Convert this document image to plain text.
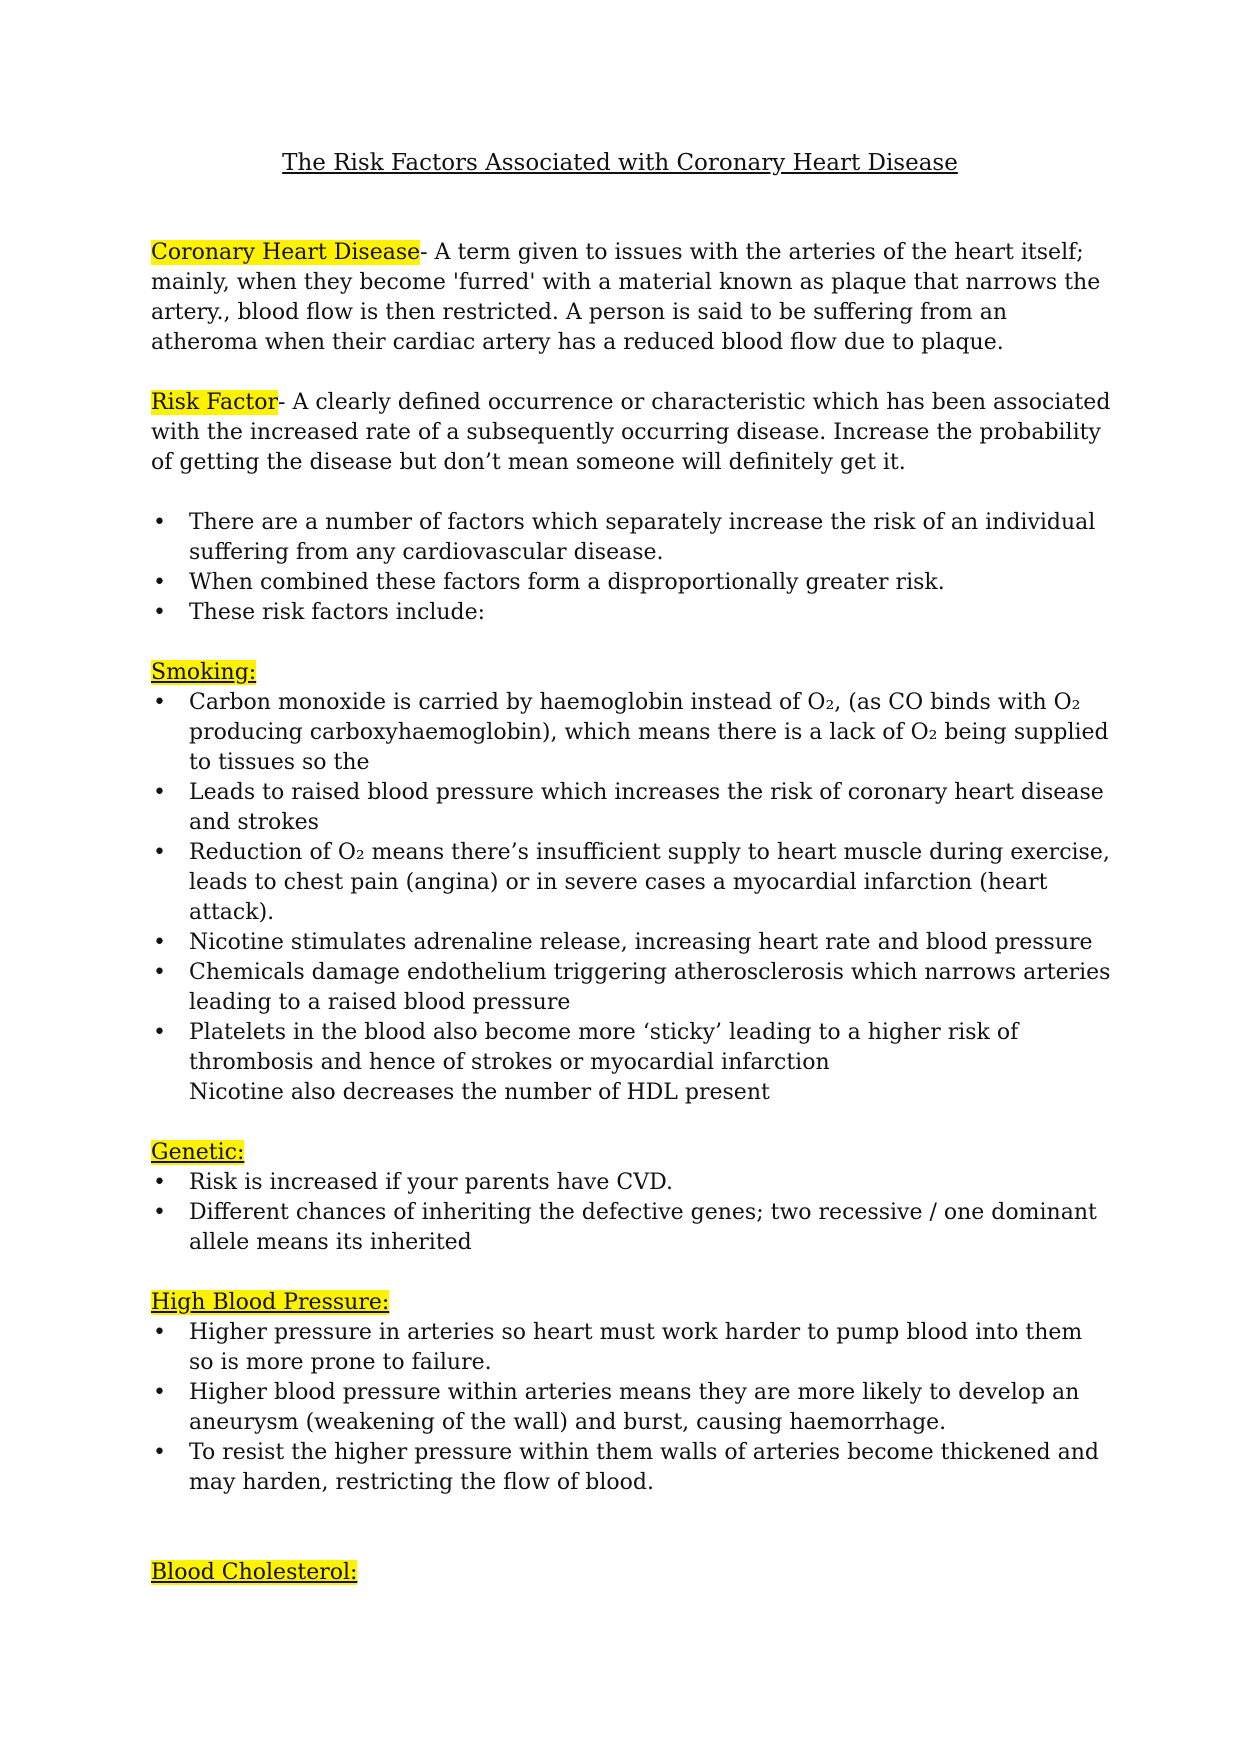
The Risk Factors Associated with Coronary Heart Disease

Coronary Heart Disease- A term given to issues with the arteries of the heart itself; mainly, when they become 'furred' with a material known as plaque that narrows the artery., blood flow is then restricted. A person is said to be suffering from an atheroma when their cardiac artery has a reduced blood flow due to plaque.

Risk Factor- A clearly defined occurrence or characteristic which has been associated with the increased rate of a subsequently occurring disease. Increase the probability of getting the disease but don’t mean someone will definitely get it.

• There are a number of factors which separately increase the risk of an individual suffering from any cardiovascular disease.
• When combined these factors form a disproportionally greater risk.
• These risk factors include:

Smoking:

• Carbon monoxide is carried by haemoglobin instead of O₂, (as CO binds with O₂ producing carboxyhaemoglobin), which means there is a lack of O₂ being supplied to tissues so the
• Leads to raised blood pressure which increases the risk of coronary heart disease and strokes
• Reduction of O₂ means there’s insufficient supply to heart muscle during exercise, leads to chest pain (angina) or in severe cases a myocardial infarction (heart attack).
• Nicotine stimulates adrenaline release, increasing heart rate and blood pressure
• Chemicals damage endothelium triggering atherosclerosis which narrows arteries leading to a raised blood pressure
• Platelets in the blood also become more ‘sticky’ leading to a higher risk of thrombosis and hence of strokes or myocardial infarction

Nicotine also decreases the number of HDL present

Genetic:

• Risk is increased if your parents have CVD.
• Different chances of inheriting the defective genes; two recessive / one dominant allele means its inherited

High Blood Pressure:

• Higher pressure in arteries so heart must work harder to pump blood into them so is more prone to failure.
• Higher blood pressure within arteries means they are more likely to develop an aneurysm (weakening of the wall) and burst, causing haemorrhage.
• To resist the higher pressure within them walls of arteries become thickened and may harden, restricting the flow of blood.

Blood Cholesterol:
